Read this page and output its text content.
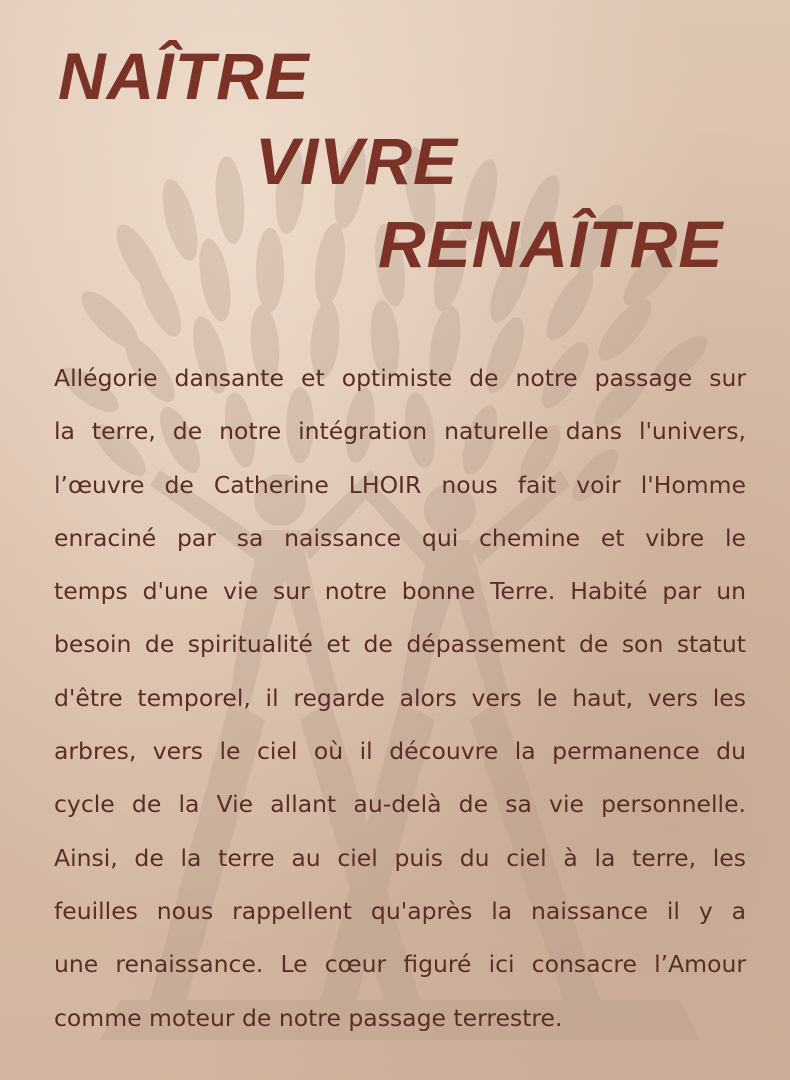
NAÎTRE
VIVRE
RENAÎTRE
Allégorie dansante et optimiste de notre passage sur
la terre, de notre intégration naturelle dans l'univers,
l’œuvre de Catherine LHOIR nous fait voir l'Homme
enraciné par sa naissance qui chemine et vibre le
temps d'une vie sur notre bonne Terre. Habité par un
besoin de spiritualité et de dépassement de son statut
d'être temporel, il regarde alors vers le haut, vers les
arbres, vers le ciel où il découvre la permanence du
cycle de la Vie allant au-delà de sa vie personnelle.
Ainsi, de la terre au ciel puis du ciel à la terre, les
feuilles nous rappellent qu'après la naissance il y a
une renaissance. Le cœur figuré ici consacre l’Amour
comme moteur de notre passage terrestre.
